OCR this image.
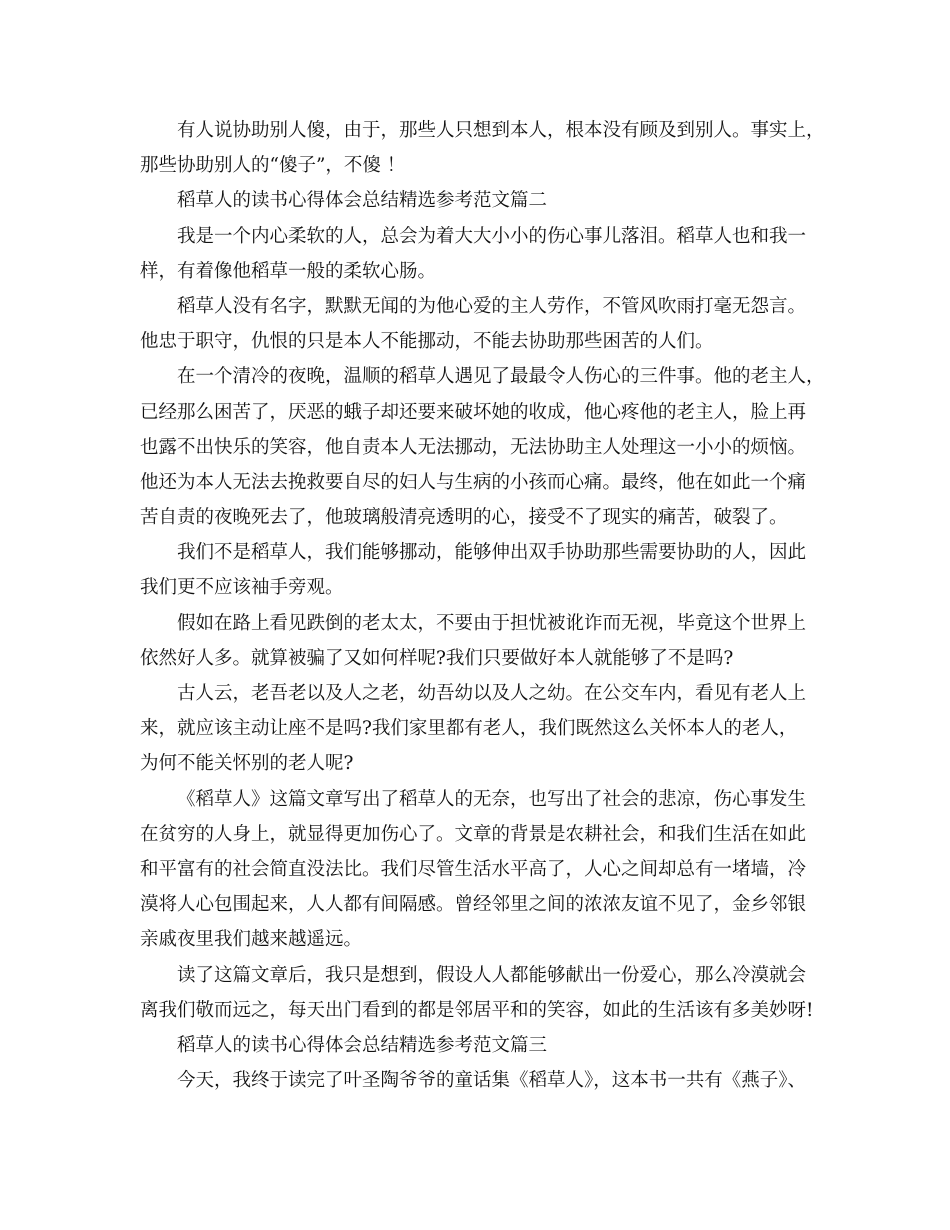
有人说协助别人傻，由于，那些人只想到本人，根本没有顾及到别人。事实上，
那些协助别人的“傻子”，不傻 ！
稻草人的读书心得体会总结精选参考范文篇二
我是一个内心柔软的人，总会为着大大小小的伤心事儿落泪。稻草人也和我一
样，有着像他稻草一般的柔软心肠。
稻草人没有名字，默默无闻的为他心爱的主人劳作，不管风吹雨打毫无怨言。
他忠于职守，仇恨的只是本人不能挪动，不能去协助那些困苦的人们。
在一个清冷的夜晚，温顺的稻草人遇见了最最令人伤心的三件事。他的老主人，
已经那么困苦了，厌恶的蛾子却还要来破坏她的收成，他心疼他的老主人，脸上再
也露不出快乐的笑容，他自责本人无法挪动，无法协助主人处理这一小小的烦恼。
他还为本人无法去挽救要自尽的妇人与生病的小孩而心痛。最终，他在如此一个痛
苦自责的夜晚死去了，他玻璃般清亮透明的心，接受不了现实的痛苦，破裂了。
我们不是稻草人，我们能够挪动，能够伸出双手协助那些需要协助的人，因此
我们更不应该袖手旁观。
假如在路上看见跌倒的老太太，不要由于担忧被讹诈而无视，毕竟这个世界上
依然好人多。就算被骗了又如何样呢?我们只要做好本人就能够了不是吗?
古人云，老吾老以及人之老，幼吾幼以及人之幼。在公交车内，看见有老人上
来，就应该主动让座不是吗?我们家里都有老人，我们既然这么关怀本人的老人，
为何不能关怀别的老人呢?
《稻草人》这篇文章写出了稻草人的无奈，也写出了社会的悲凉，伤心事发生
在贫穷的人身上，就显得更加伤心了。文章的背景是农耕社会，和我们生活在如此
和平富有的社会简直没法比。我们尽管生活水平高了，人心之间却总有一堵墙，冷
漠将人心包围起来，人人都有间隔感。曾经邻里之间的浓浓友谊不见了，金乡邻银
亲戚夜里我们越来越遥远。
读了这篇文章后，我只是想到，假设人人都能够献出一份爱心，那么冷漠就会
离我们敬而远之，每天出门看到的都是邻居平和的笑容，如此的生活该有多美妙呀!
稻草人的读书心得体会总结精选参考范文篇三
今天，我终于读完了叶圣陶爷爷的童话集《稻草人》，这本书一共有《燕子》、
